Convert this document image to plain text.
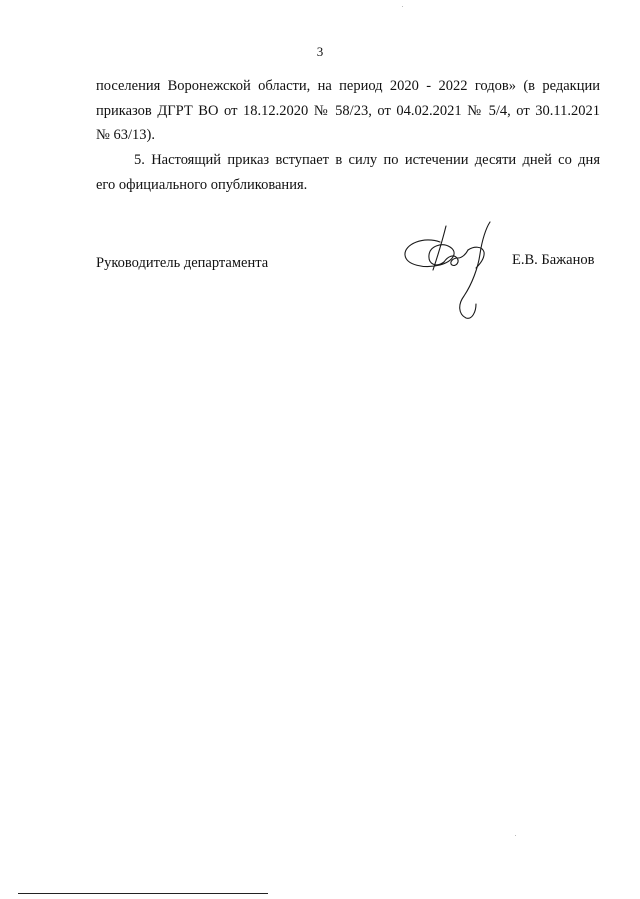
3

поселения Воронежской области, на период 2020 - 2022 годов» (в редакции
приказов ДГРТ ВО от 18.12.2020 № 58/23, от 04.02.2021 № 5/4, от 30.11.2021
№ 63/13).

5. Настоящий приказ вступает в силу по истечении десяти дней со дня
его официального опубликования.

Руководитель департамента	Е.В. Бажанов
